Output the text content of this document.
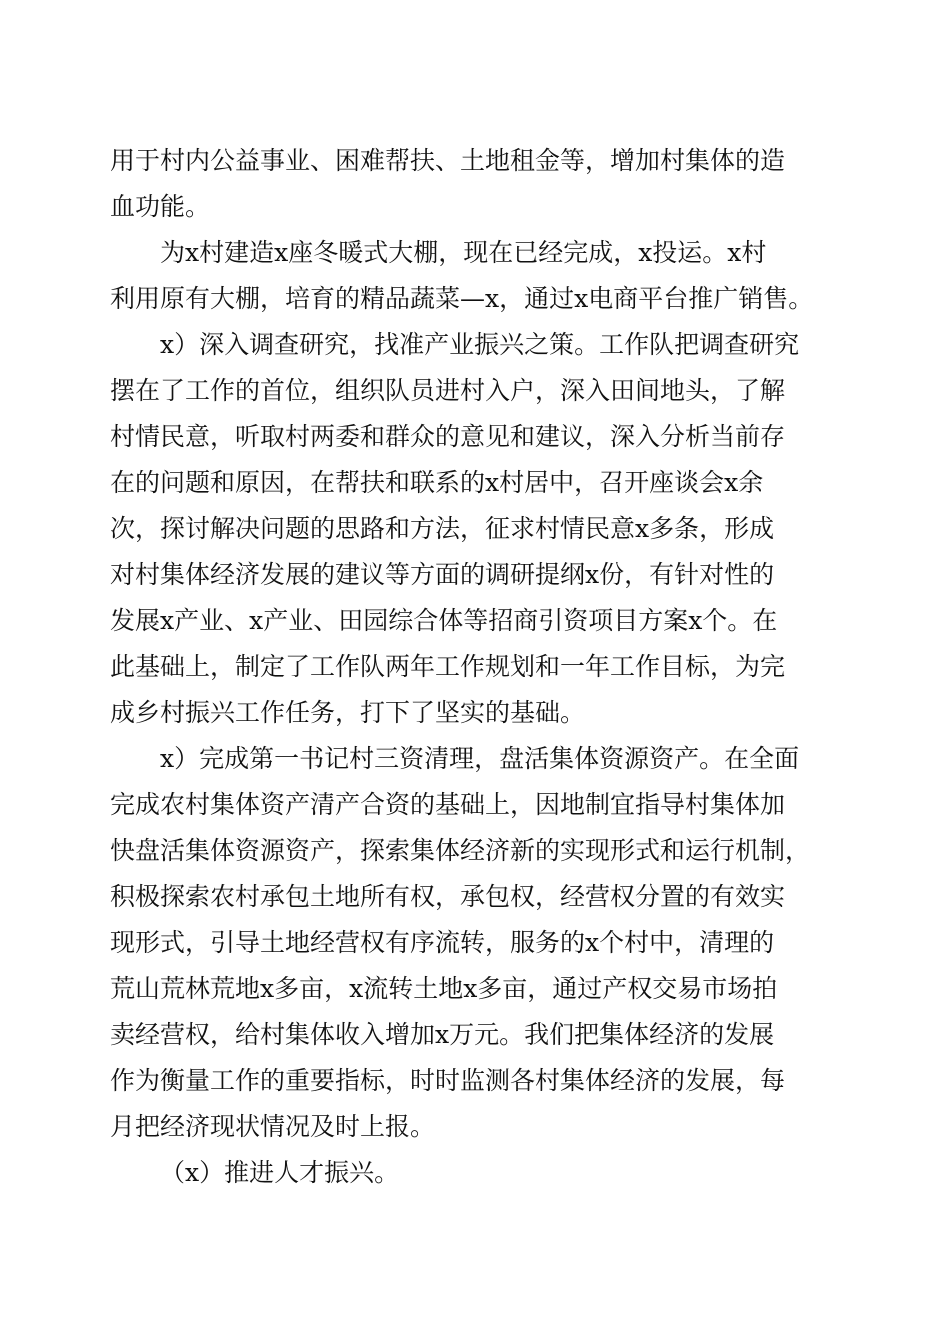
用于村内公益事业、困难帮扶、土地租金等，增加村集体的造
血功能。
为x村建造x座冬暖式大棚，现在已经完成，x投运。x村
利用原有大棚，培育的精品蔬菜—x，通过x电商平台推广销售。
x）深入调查研究，找准产业振兴之策。工作队把调查研究
摆在了工作的首位，组织队员进村入户，深入田间地头，了解
村情民意，听取村两委和群众的意见和建议，深入分析当前存
在的问题和原因，在帮扶和联系的x村居中，召开座谈会x余
次，探讨解决问题的思路和方法，征求村情民意x多条，形成
对村集体经济发展的建议等方面的调研提纲x份，有针对性的
发展x产业、x产业、田园综合体等招商引资项目方案x个。在
此基础上，制定了工作队两年工作规划和一年工作目标，为完
成乡村振兴工作任务，打下了坚实的基础。
x）完成第一书记村三资清理，盘活集体资源资产。在全面
完成农村集体资产清产合资的基础上，因地制宜指导村集体加
快盘活集体资源资产，探索集体经济新的实现形式和运行机制，
积极探索农村承包土地所有权，承包权，经营权分置的有效实
现形式，引导土地经营权有序流转，服务的x个村中，清理的
荒山荒林荒地x多亩，x流转土地x多亩，通过产权交易市场拍
卖经营权，给村集体收入增加x万元。我们把集体经济的发展
作为衡量工作的重要指标，时时监测各村集体经济的发展，每
月把经济现状情况及时上报。
（x）推进人才振兴。
